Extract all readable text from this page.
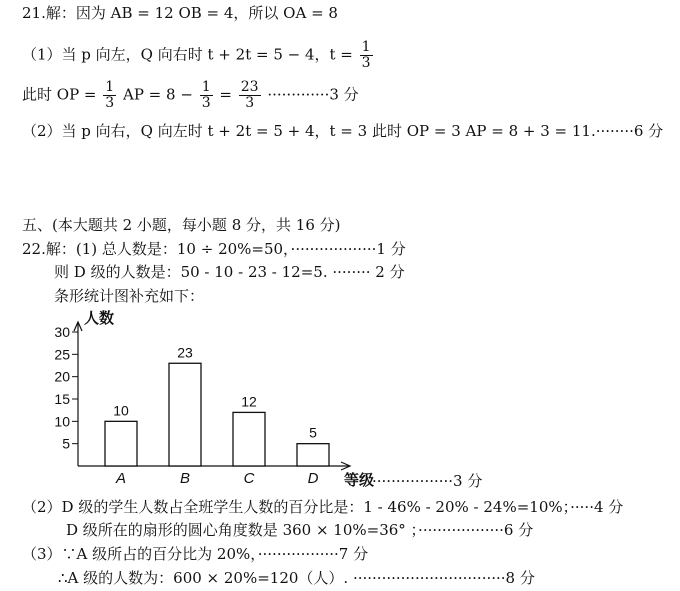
21.解：因为 AB = 12 OB = 4，所以 OA = 8
（1）当 p 向左，Q 向右时 t + 2t = 5 − 4，$t = \frac{1}{3}$
此时 OP = $\frac{1}{3}$ AP = $8 - \frac{1}{3} = \frac{23}{3} \cdot\cdot\cdot\cdot\cdot\cdot\cdot\cdot\cdot\cdot\cdot\cdot\cdot 3$ 分
（2）当 p 向右，Q 向左时 t + 2t = 5 + 4，t = 3 此时 OP = 3 AP = 8 + 3 = 11.········6 分
五、(本大题共 2 小题，每小题 8 分，共 16 分)
22.解：(1) 总人数是：10 ÷ 20%=50，··················1 分
则 D 级的人数是：50 - 10 - 23 - 12=5. ········ 2 分
条形统计图补充如下：
人数
等级
5
10
15
20
25
30
10
A
23
B
12
C
5
D	·················3 分
（2）D 级的学生人数占全班学生人数的百分比是：1 - 46% - 20% - 24%=10%；·····4 分
D 级所在的扇形的圆心角度数是 360 × 10%=36° ；··················6 分
（3）∵A 级所占的百分比为 20%，·················7 分
∴A 级的人数为：600 × 20%=120（人）. ································8 分
